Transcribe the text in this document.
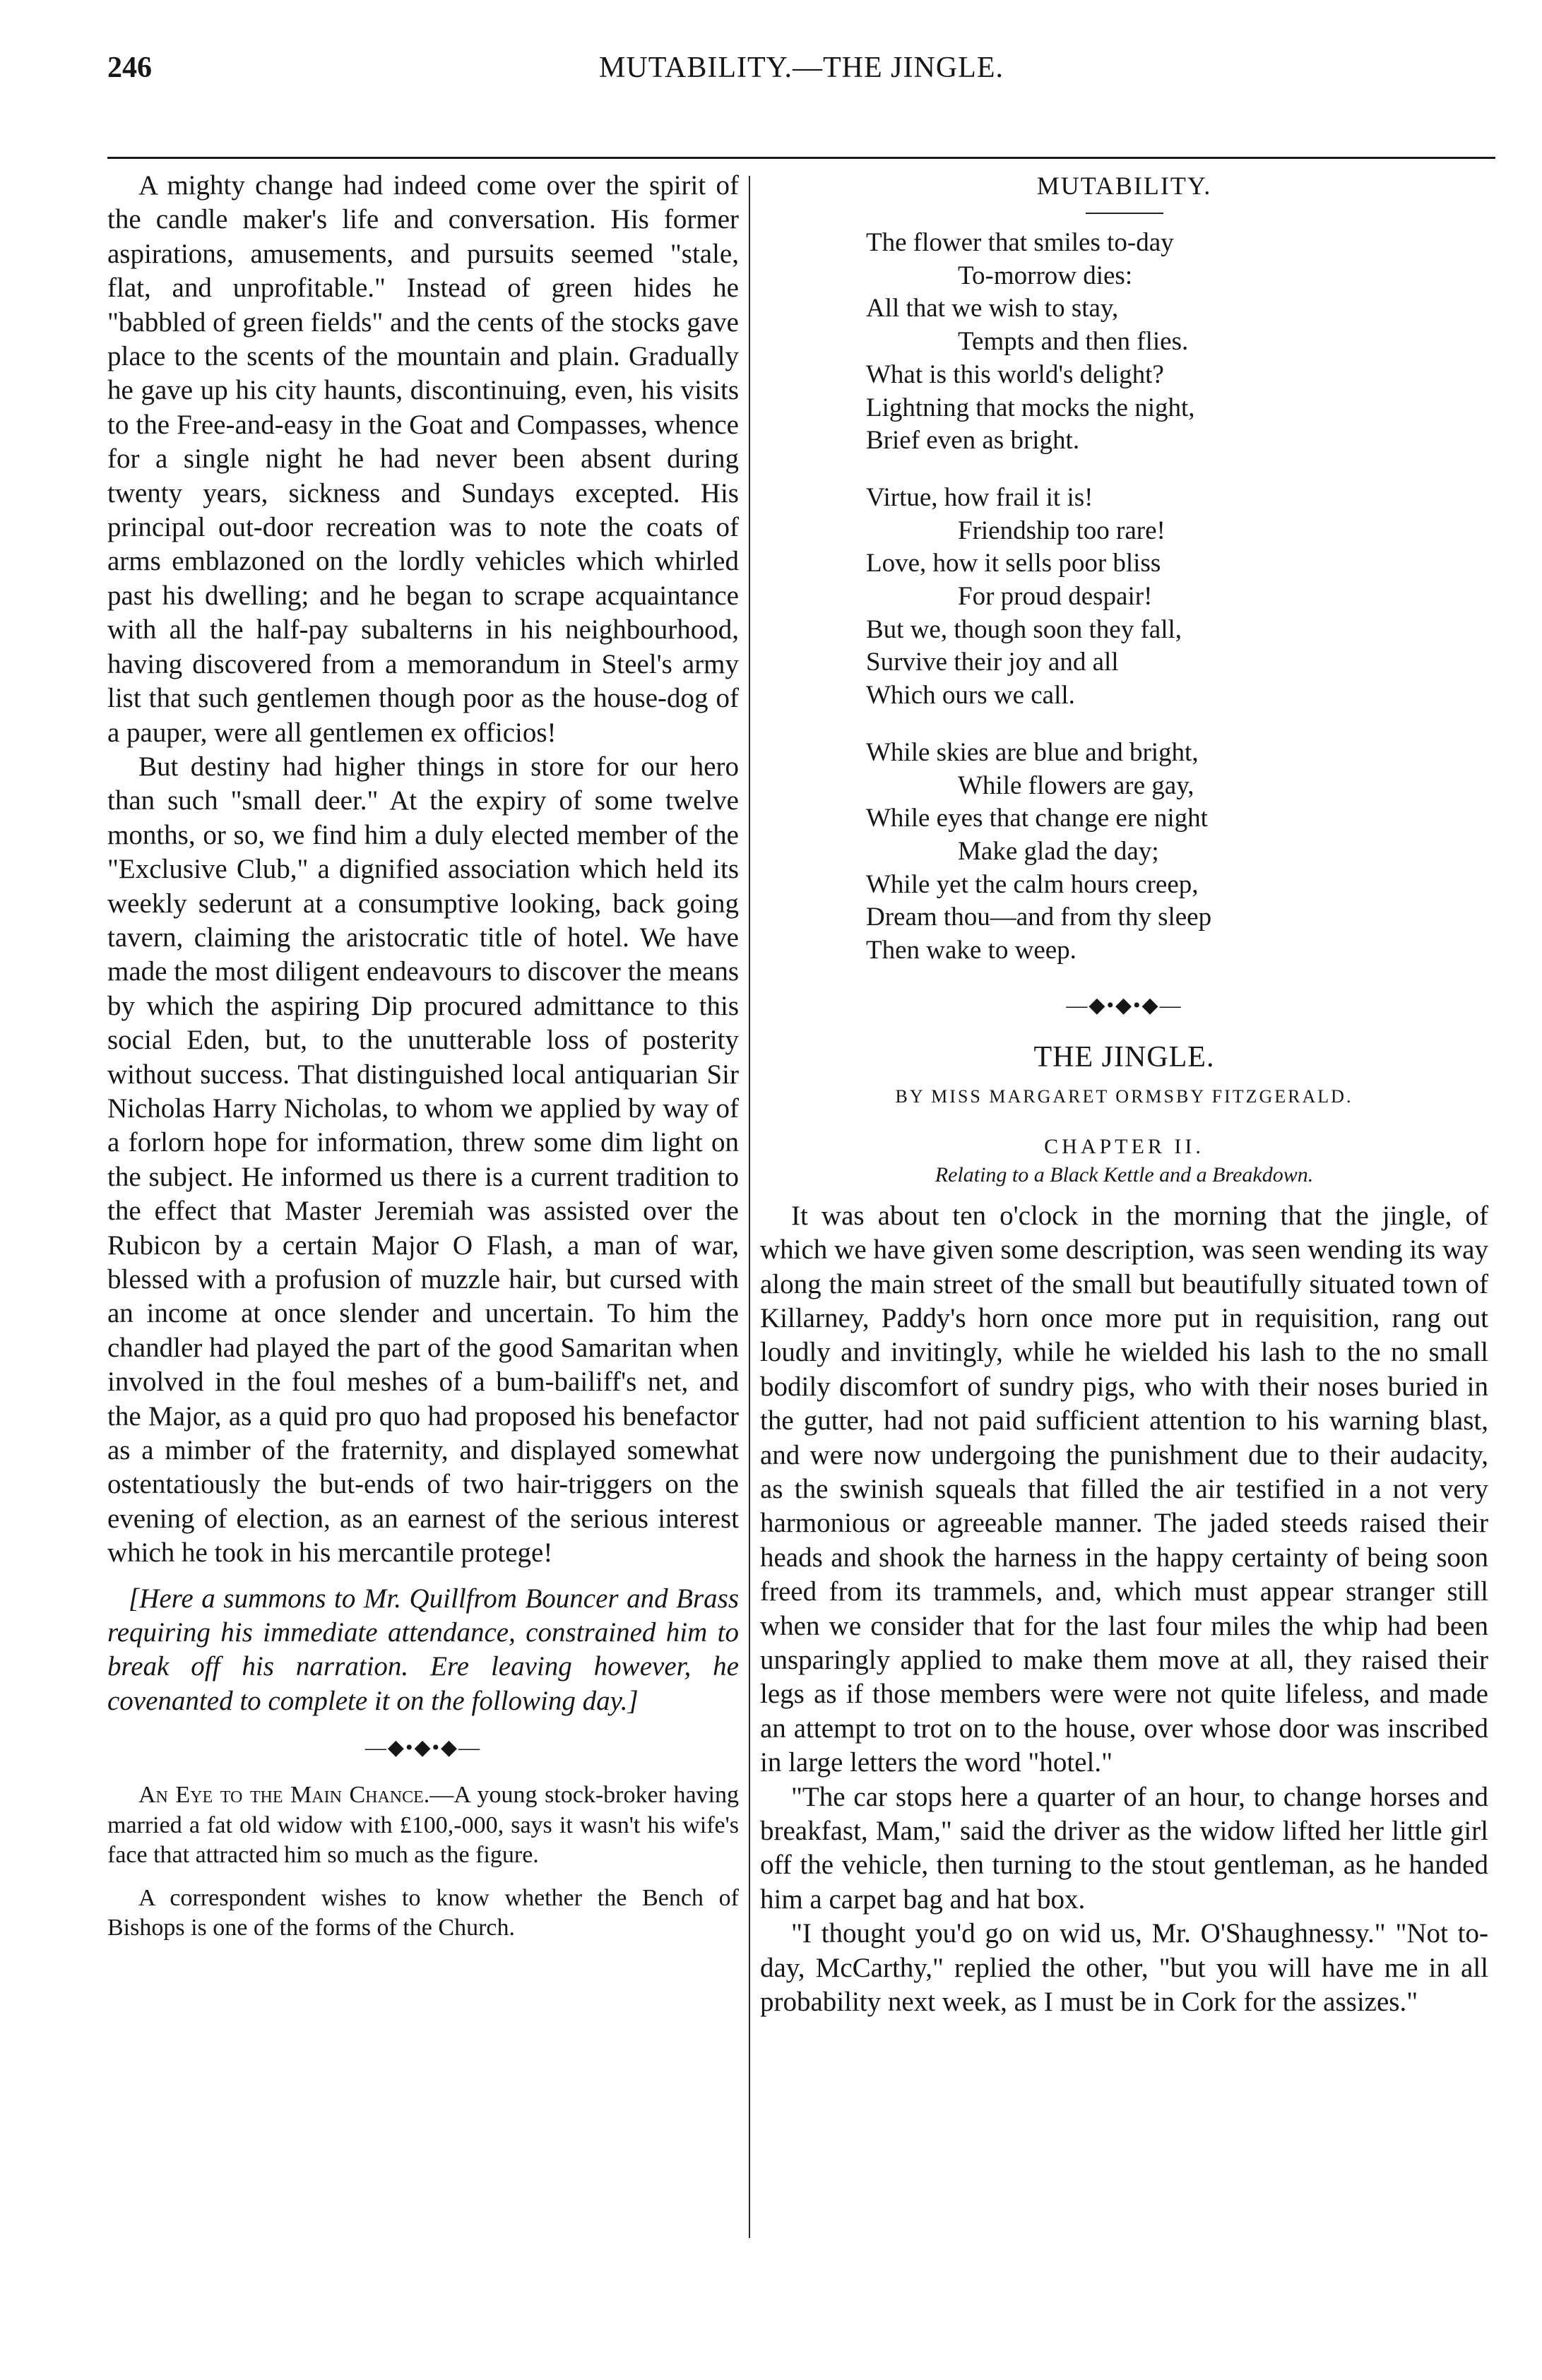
246	MUTABILITY.—THE JINGLE.

A mighty change had indeed come over the spirit of the candle maker's life and conversation. His former aspirations, amusements, and pursuits seemed "stale, flat, and unprofitable." Instead of green hides he "babbled of green fields" and the cents of the stocks gave place to the scents of the mountain and plain. Gradually he gave up his city haunts, discontinuing, even, his visits to the Free-and-easy in the Goat and Compasses, whence for a single night he had never been absent during twenty years, sickness and Sundays excepted. His principal out-door recreation was to note the coats of arms emblazoned on the lordly vehicles which whirled past his dwelling; and he began to scrape acquaintance with all the half-pay subalterns in his neighbourhood, having discovered from a memorandum in Steel's army list that such gentlemen though poor as the house-dog of a pauper, were all gentlemen ex officios!

But destiny had higher things in store for our hero than such "small deer." At the expiry of some twelve months, or so, we find him a duly elected member of the "Exclusive Club," a dignified association which held its weekly sederunt at a consumptive looking, back going tavern, claiming the aristocratic title of hotel. We have made the most diligent endeavours to discover the means by which the aspiring Dip procured admittance to this social Eden, but, to the unutterable loss of posterity without success. That distinguished local antiquarian Sir Nicholas Harry Nicholas, to whom we applied by way of a forlorn hope for information, threw some dim light on the subject. He informed us there is a current tradition to the effect that Master Jeremiah was assisted over the Rubicon by a certain Major O Flash, a man of war, blessed with a profusion of muzzle hair, but cursed with an income at once slender and uncertain. To him the chandler had played the part of the good Samaritan when involved in the foul meshes of a bum-bailiff's net, and the Major, as a quid pro quo had proposed his benefactor as a mimber of the fraternity, and displayed somewhat ostentatiously the but-ends of two hair-triggers on the evening of election, as an earnest of the serious interest which he took in his mercantile protege!

[Here a summons to Mr. Quillfrom Bouncer and Brass requiring his immediate attendance, constrained him to break off his narration. Ere leaving however, he covenanted to complete it on the following day.]

—◆•◆•◆—

An Eye to the Main Chance.—A young stock-broker having married a fat old widow with £100,-000, says it wasn't his wife's face that attracted him so much as the figure.

A correspondent wishes to know whether the Bench of Bishops is one of the forms of the Church.

MUTABILITY.
The flower that smiles to-day
To-morrow dies:
All that we wish to stay,
Tempts and then flies.
What is this world's delight?
Lightning that mocks the night,
Brief even as bright.
Virtue, how frail it is!
Friendship too rare!
Love, how it sells poor bliss
For proud despair!
But we, though soon they fall,
Survive their joy and all
Which ours we call.
While skies are blue and bright,
While flowers are gay,
While eyes that change ere night
Make glad the day;
While yet the calm hours creep,
Dream thou—and from thy sleep
Then wake to weep.
—◆•◆•◆—
THE JINGLE.
BY MISS MARGARET ORMSBY FITZGERALD.
CHAPTER II.
Relating to a Black Kettle and a Breakdown.

It was about ten o'clock in the morning that the jingle, of which we have given some description, was seen wending its way along the main street of the small but beautifully situated town of Killarney, Paddy's horn once more put in requisition, rang out loudly and invitingly, while he wielded his lash to the no small bodily discomfort of sundry pigs, who with their noses buried in the gutter, had not paid sufficient attention to his warning blast, and were now undergoing the punishment due to their audacity, as the swinish squeals that filled the air testified in a not very harmonious or agreeable manner. The jaded steeds raised their heads and shook the harness in the happy certainty of being soon freed from its trammels, and, which must appear stranger still when we consider that for the last four miles the whip had been unsparingly applied to make them move at all, they raised their legs as if those members were were not quite lifeless, and made an attempt to trot on to the house, over whose door was inscribed in large letters the word "hotel."

"The car stops here a quarter of an hour, to change horses and breakfast, Mam," said the driver as the widow lifted her little girl off the vehicle, then turning to the stout gentleman, as he handed him a carpet bag and hat box.

"I thought you'd go on wid us, Mr. O'Shaughnessy." "Not to-day, McCarthy," replied the other, "but you will have me in all probability next week, as I must be in Cork for the assizes."
